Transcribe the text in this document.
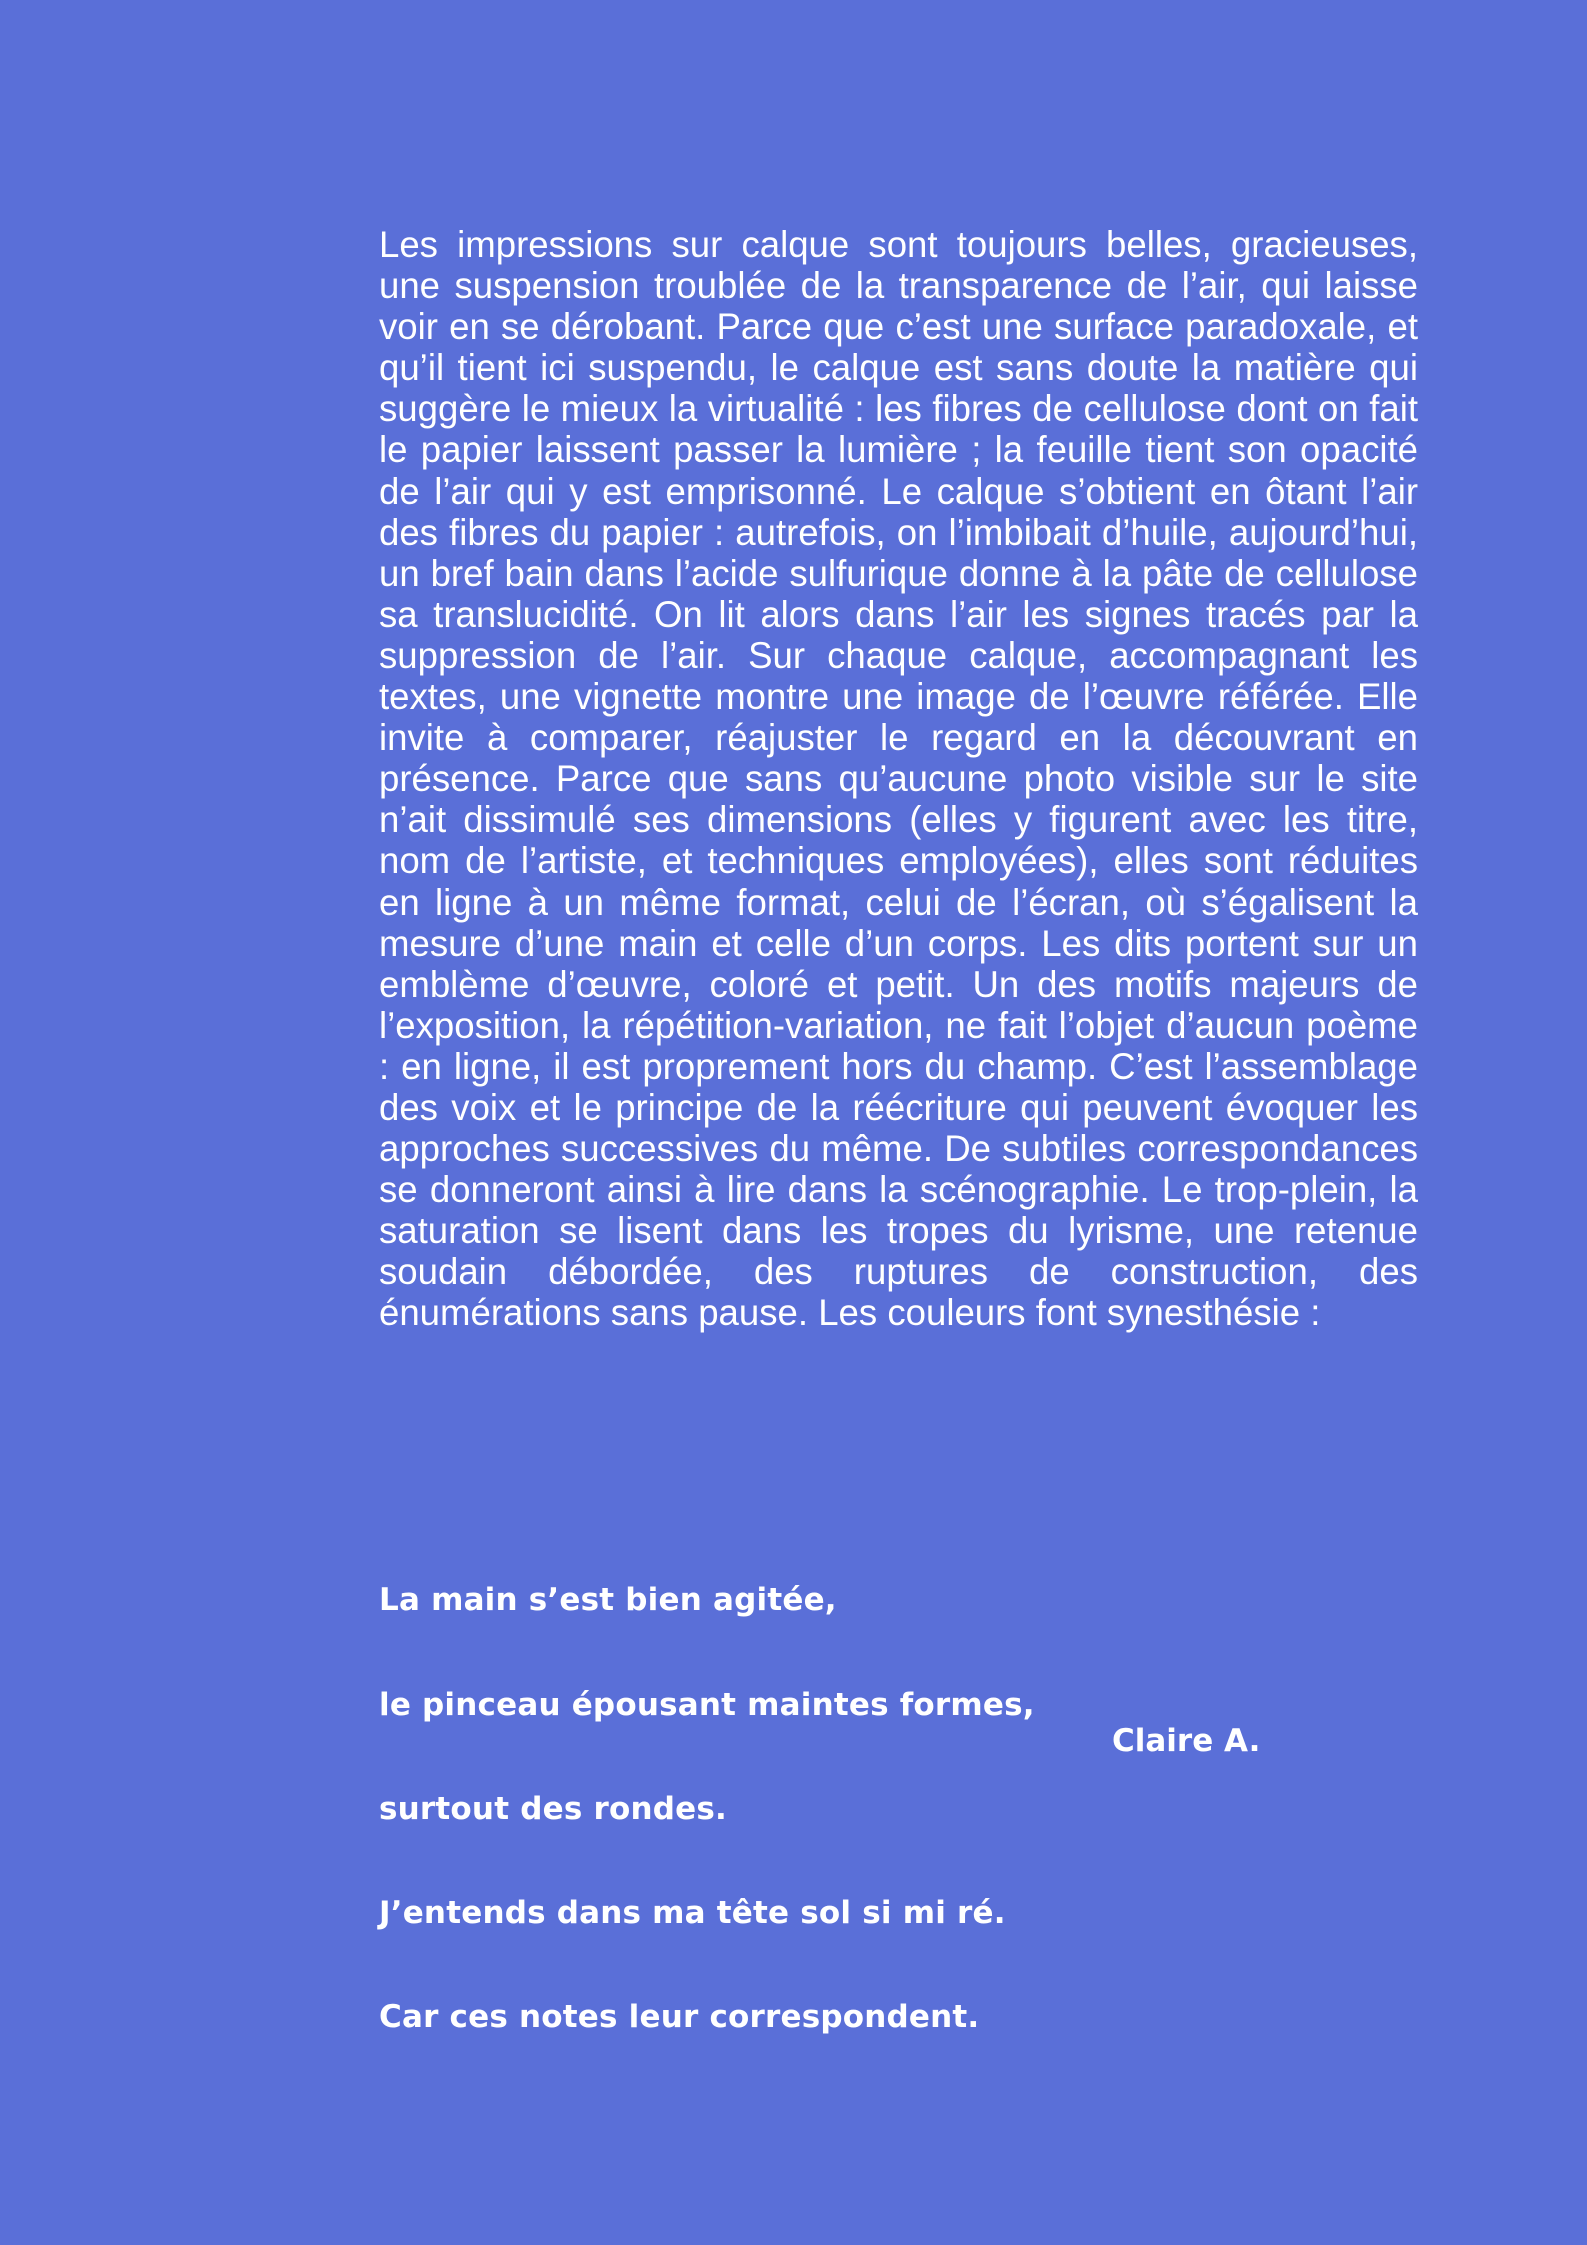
Les impressions sur calque sont toujours belles, gracieuses, une suspension troublée de la transparence de l’air, qui laisse voir en se dérobant. Parce que c’est une surface paradoxale, et qu’il tient ici suspendu, le calque est sans doute la matière qui suggère le mieux la virtualité : les fibres de cellulose dont on fait le papier laissent passer la lumière ; la feuille tient son opacité de l’air qui y est emprisonné. Le calque s’obtient en ôtant l’air des fibres du papier : autrefois, on l’imbibait d’huile, aujourd’hui, un bref bain dans l’acide sulfurique donne à la pâte de cellulose sa translucidité. On lit alors dans l’air les signes tracés par la suppression de l’air. Sur chaque calque, accompagnant les textes, une vignette montre une image de l’œuvre référée. Elle invite à comparer, réajuster le regard en la découvrant en présence. Parce que sans qu’aucune photo visible sur le site n’ait dissimulé ses dimensions (elles y figurent avec les titre, nom de l’artiste, et techniques employées), elles sont réduites en ligne à un même format, celui de l’écran, où s’égalisent la mesure d’une main et celle d’un corps. Les dits portent sur un emblème d’œuvre, coloré et petit. Un des motifs majeurs de l’exposition, la répétition-variation, ne fait l’objet d’aucun poème : en ligne, il est proprement hors du champ. C’est l’assemblage des voix et le principe de la réécriture qui peuvent évoquer les approches successives du même. De subtiles correspondances se donneront ainsi à lire dans la scénographie. Le trop-plein, la saturation se lisent dans les tropes du lyrisme, une retenue soudain débordée, des ruptures de construction, des énumérations sans pause. Les couleurs font synesthésie :

La main s’est bien agitée,

le pinceau épousant maintes formes,

surtout des rondes.

J’entends dans ma tête sol si mi ré.

Car ces notes leur correspondent.

Claire A.
